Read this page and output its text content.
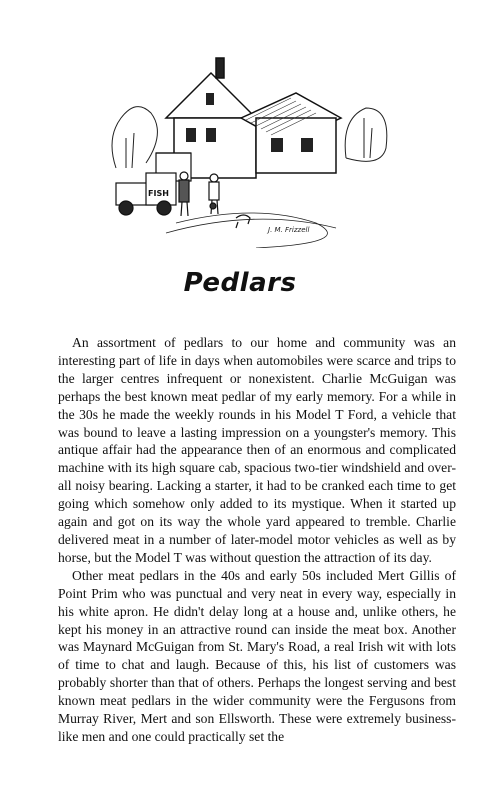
FISH
J. M. Frizzell
Pedlars

An assortment of pedlars to our home and community was an interesting part of life in days when automobiles were scarce and trips to the larger centres infrequent or nonexistent. Charlie McGuigan was perhaps the best known meat pedlar of my early memory. For a while in the 30s he made the weekly rounds in his Model T Ford, a vehicle that was bound to leave a lasting impression on a youngster's memory. This antique affair had the appearance then of an enormous and complicated machine with its high square cab, spacious two-tier windshield and over-all noisy bearing. Lacking a starter, it had to be cranked each time to get going which somehow only added to its mystique. When it started up again and got on its way the whole yard appeared to tremble. Charlie delivered meat in a number of later-model motor vehicles as well as by horse, but the Model T was without question the attraction of its day.

Other meat pedlars in the 40s and early 50s included Mert Gillis of Point Prim who was punctual and very neat in every way, especially in his white apron. He didn't delay long at a house and, unlike others, he kept his money in an attractive round can inside the meat box. Another was Maynard McGuigan from St. Mary's Road, a real Irish wit with lots of time to chat and laugh. Because of this, his list of customers was probably shorter than that of others. Perhaps the longest serving and best known meat pedlars in the wider community were the Fergusons from Murray River, Mert and son Ellsworth. These were extremely business-like men and one could practically set the
